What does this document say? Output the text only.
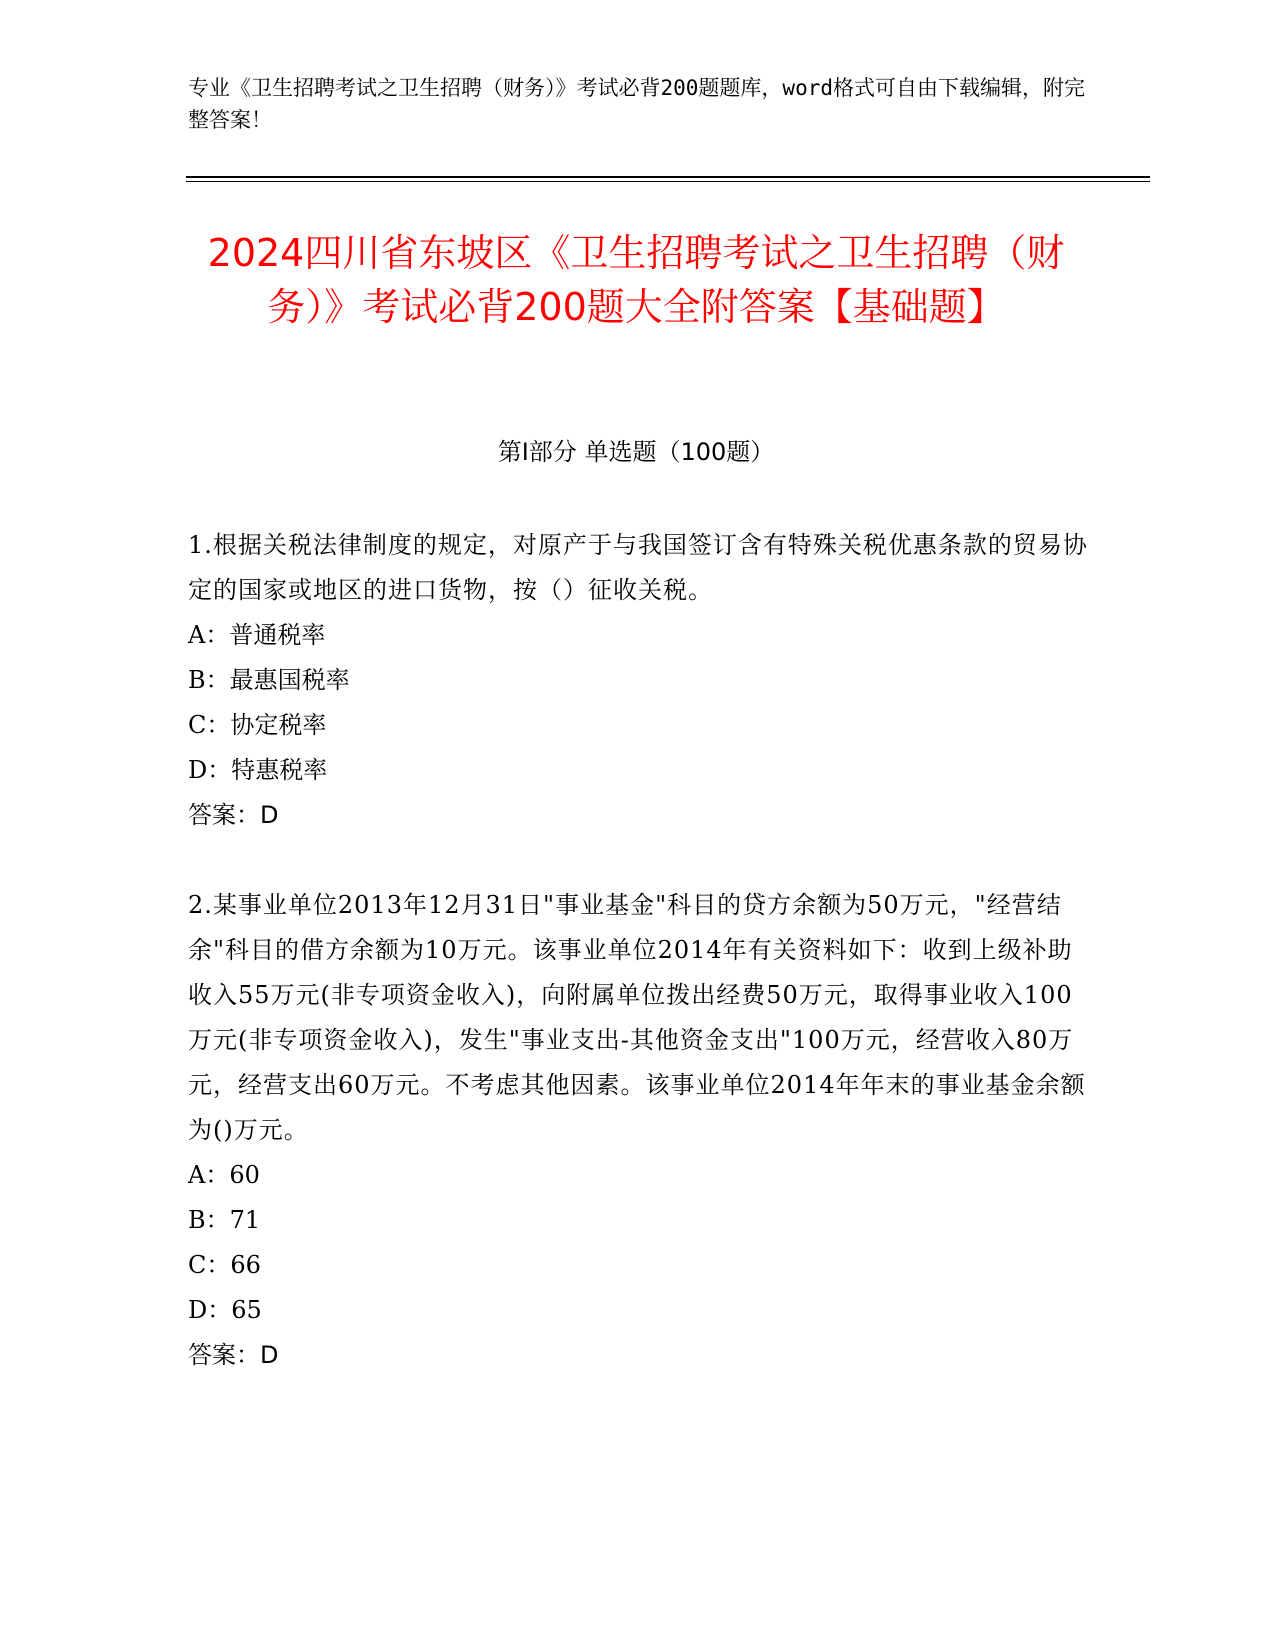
专业《卫生招聘考试之卫生招聘（财务）》考试必背200题题库，word格式可自由下载编辑，附完整答案！
2024四川省东坡区《卫生招聘考试之卫生招聘（财务）》考试必背200题大全附答案【基础题】
第I部分 单选题（100题）

1.根据关税法律制度的规定，对原产于与我国签订含有特殊关税优惠条款的贸易协定的国家或地区的进口货物，按（）征收关税。

A：普通税率

B：最惠国税率

C：协定税率

D：特惠税率

答案：D

2.某事业单位2013年12月31日"事业基金"科目的贷方余额为50万元，"经营结余"科目的借方余额为10万元。该事业单位2014年有关资料如下：收到上级补助收入55万元(非专项资金收入)，向附属单位拨出经费50万元，取得事业收入100万元(非专项资金收入)，发生"事业支出-其他资金支出"100万元，经营收入80万元，经营支出60万元。不考虑其他因素。该事业单位2014年年末的事业基金余额为()万元。

A：60

B：71

C：66

D：65

答案：D
